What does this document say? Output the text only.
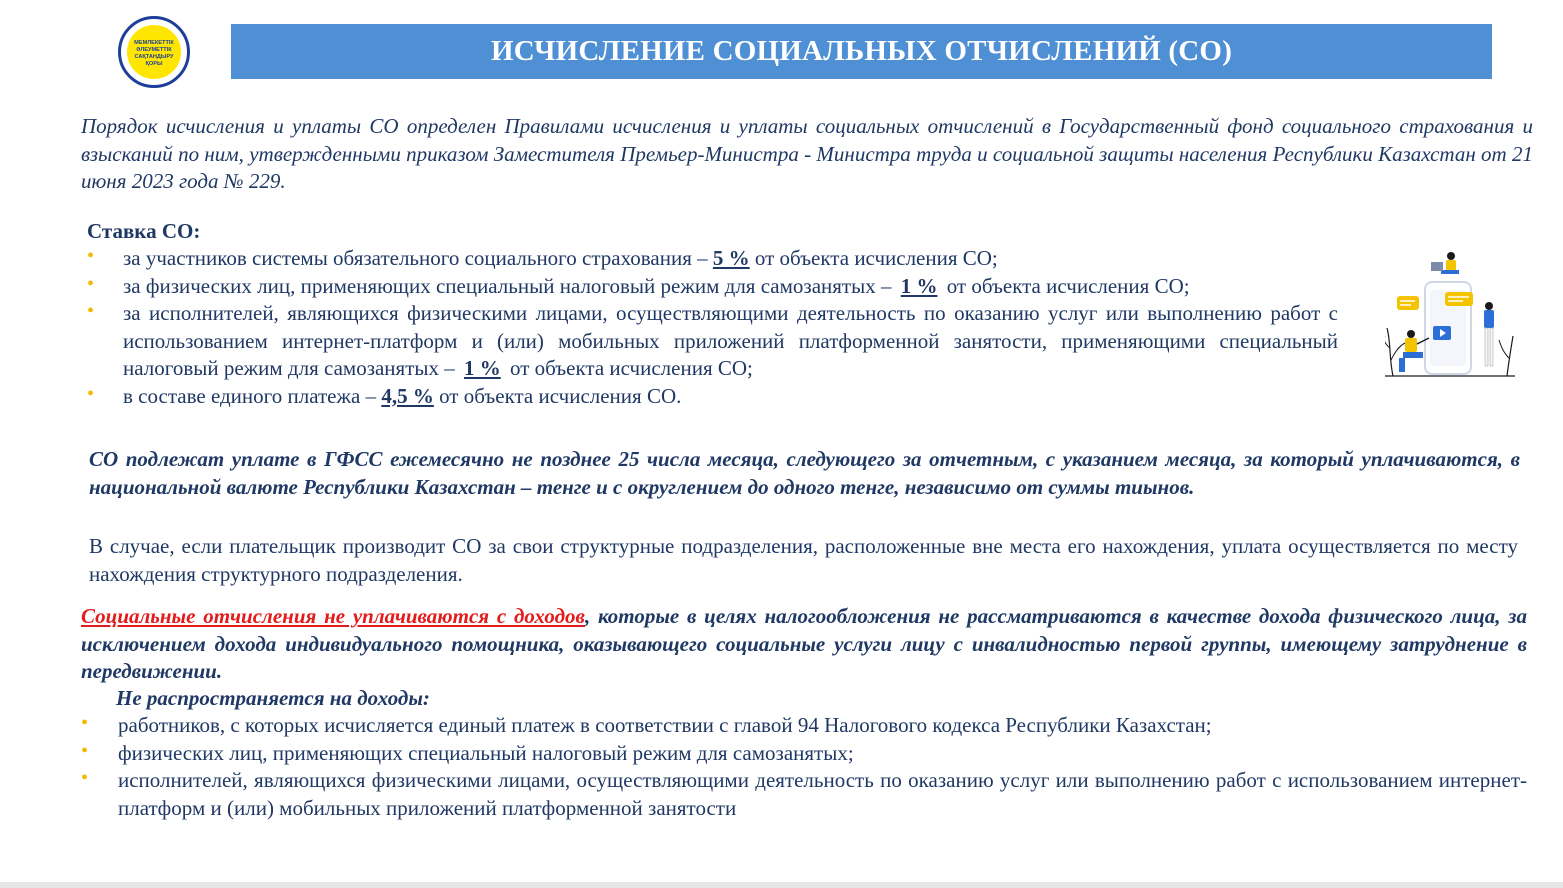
МЕМЛЕКЕТТІК
ӘЛЕУМЕТТІК
САҚТАНДЫРУ
ҚОРЫ	ИСЧИСЛЕНИЕ СОЦИАЛЬНЫХ ОТЧИСЛЕНИЙ (СО)
Порядок исчисления и уплаты СО определен Правилами исчисления и уплаты социальных отчислений в Государственный фонд социального страхования и взысканий по ним, утвержденными приказом Заместителя Премьер-Министра - Министра труда и социальной защиты населения Республики Казахстан от 21 июня 2023 года № 229.
Ставка СО:
• за участников системы обязательного социального страхования – 5 % от объекта исчисления СО;
• за физических лиц, применяющих специальный налоговый режим для самозанятых – 1 % от объекта исчисления СО;
• за исполнителей, являющихся физическими лицами, осуществляющими деятельность по оказанию услуг или выполнению работ с использованием интернет-платформ и (или) мобильных приложений платформенной занятости, применяющими специальный налоговый режим для самозанятых – 1 % от объекта исчисления СО;
• в составе единого платежа – 4,5 % от объекта исчисления СО.
СО подлежат уплате в ГФСС ежемесячно не позднее 25 числа месяца, следующего за отчетным, с указанием месяца, за который уплачиваются, в национальной валюте Республики Казахстан – тенге и с округлением до одного тенге, независимо от суммы тиынов.
В случае, если плательщик производит СО за свои структурные подразделения, расположенные вне места его нахождения, уплата осуществляется по месту нахождения структурного подразделения.
Социальные отчисления не уплачиваются с доходов, которые в целях налогообложения не рассматриваются в качестве дохода физического лица, за исключением дохода индивидуального помощника, оказывающего социальные услуги лицу с инвалидностью первой группы, имеющему затруднение в передвижении.
Не распространяется на доходы:
• работников, с которых исчисляется единый платеж в соответствии с главой 94 Налогового кодекса Республики Казахстан;
• физических лиц, применяющих специальный налоговый режим для самозанятых;
• исполнителей, являющихся физическими лицами, осуществляющими деятельность по оказанию услуг или выполнению работ с использованием интернет-платформ и (или) мобильных приложений платформенной занятости
